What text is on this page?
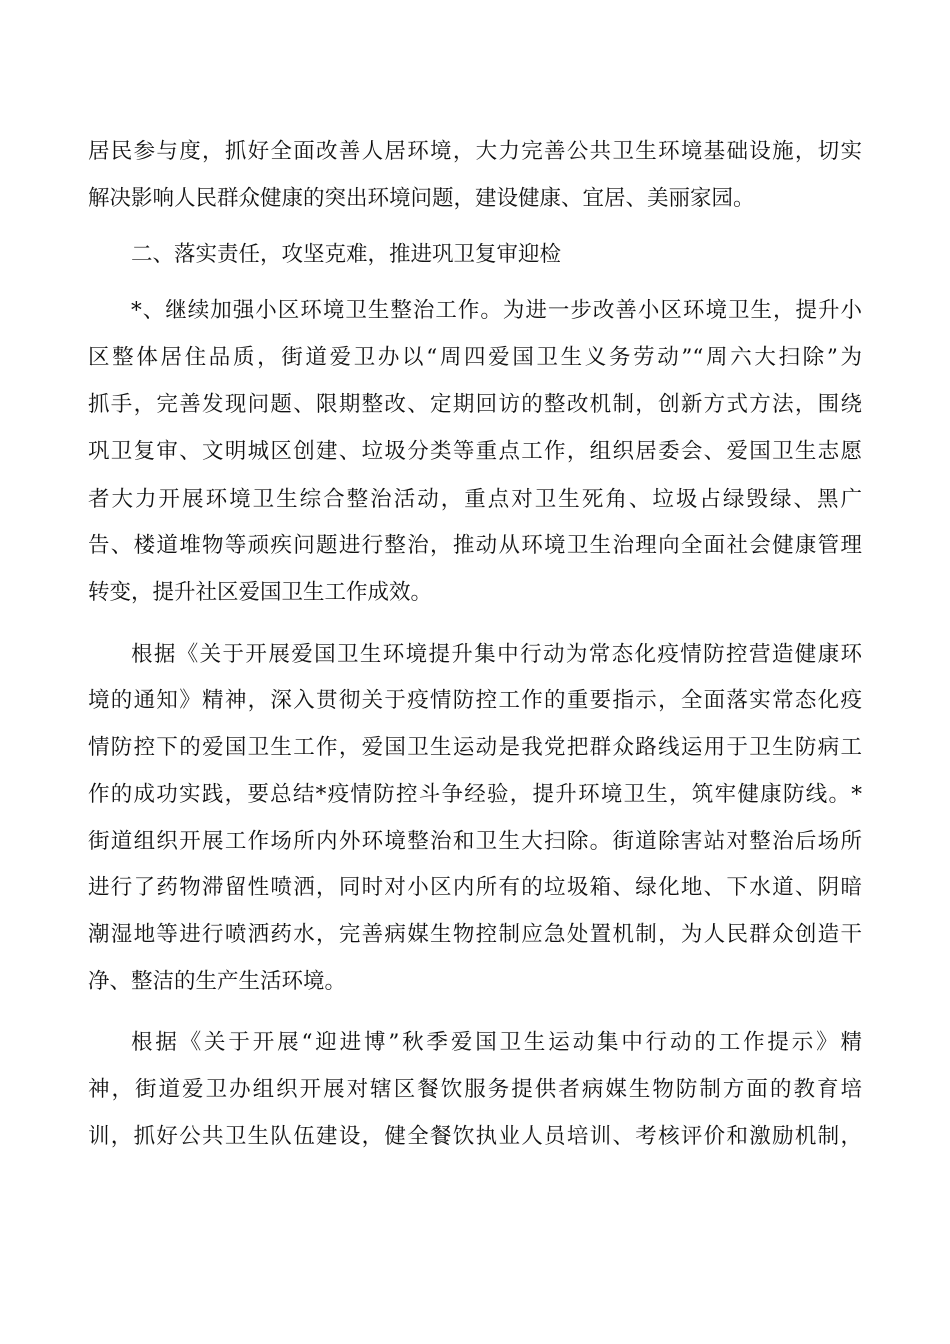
居民参与度，抓好全面改善人居环境，大力完善公共卫生环境基础设施，切实
解决影响人民群众健康的突出环境问题，建设健康、宜居、美丽家园。
二、落实责任，攻坚克难，推进巩卫复审迎检
*、继续加强小区环境卫生整治工作。为进一步改善小区环境卫生，提升小
区整体居住品质，街道爱卫办以“周四爱国卫生义务劳动”“周六大扫除”为
抓手，完善发现问题、限期整改、定期回访的整改机制，创新方式方法，围绕
巩卫复审、文明城区创建、垃圾分类等重点工作，组织居委会、爱国卫生志愿
者大力开展环境卫生综合整治活动，重点对卫生死角、垃圾占绿毁绿、黑广
告、楼道堆物等顽疾问题进行整治，推动从环境卫生治理向全面社会健康管理
转变，提升社区爱国卫生工作成效。
根据《关于开展爱国卫生环境提升集中行动为常态化疫情防控营造健康环
境的通知》精神，深入贯彻关于疫情防控工作的重要指示，全面落实常态化疫
情防控下的爱国卫生工作，爱国卫生运动是我党把群众路线运用于卫生防病工
作的成功实践，要总结*疫情防控斗争经验，提升环境卫生，筑牢健康防线。*
街道组织开展工作场所内外环境整治和卫生大扫除。街道除害站对整治后场所
进行了药物滞留性喷洒，同时对小区内所有的垃圾箱、绿化地、下水道、阴暗
潮湿地等进行喷洒药水，完善病媒生物控制应急处置机制，为人民群众创造干
净、整洁的生产生活环境。
根据《关于开展“迎进博”秋季爱国卫生运动集中行动的工作提示》精
神，街道爱卫办组织开展对辖区餐饮服务提供者病媒生物防制方面的教育培
训，抓好公共卫生队伍建设，健全餐饮执业人员培训、考核评价和激励机制，
